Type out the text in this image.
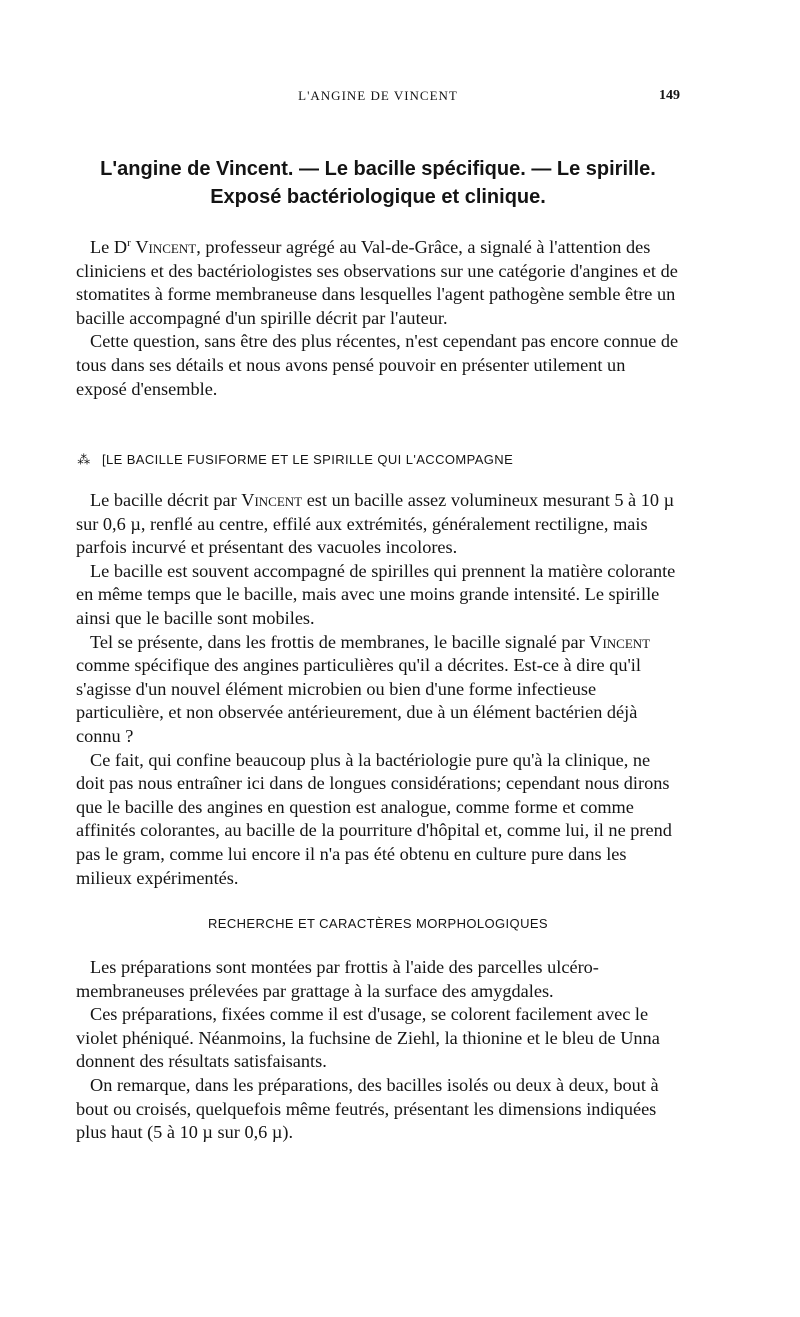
L'ANGINE DE VINCENT	149
L'angine de Vincent. — Le bacille spécifique. — Le spirille.
Exposé bactériologique et clinique.

Le $D^r$ Vincent, professeur agrégé au Val-de-Grâce, a signalé à l'attention des cliniciens et des bactériologistes ses observations sur une catégorie d'angines et de stomatites à forme membraneuse dans lesquelles l'agent pathogène semble être un bacille accompagné d'un spirille décrit par l'auteur.

Cette question, sans être des plus récentes, n'est cependant pas encore connue de tous dans ses détails et nous avons pensé pouvoir en présenter utilement un exposé d'ensemble.

⁂ [LE BACILLE FUSIFORME ET LE SPIRILLE QUI L'ACCOMPAGNE

Le bacille décrit par Vincent est un bacille assez volumineux mesurant 5 à 10 µ sur 0,6 µ, renflé au centre, effilé aux extrémités, généralement rectiligne, mais parfois incurvé et présentant des vacuoles incolores.

Le bacille est souvent accompagné de spirilles qui prennent la matière colorante en même temps que le bacille, mais avec une moins grande intensité. Le spirille ainsi que le bacille sont mobiles.

Tel se présente, dans les frottis de membranes, le bacille signalé par Vincent comme spécifique des angines particulières qu'il a décrites. Est-ce à dire qu'il s'agisse d'un nouvel élément microbien ou bien d'une forme infectieuse particulière, et non observée antérieurement, due à un élément bactérien déjà connu ?

Ce fait, qui confine beaucoup plus à la bactériologie pure qu'à la clinique, ne doit pas nous entraîner ici dans de longues considérations; cependant nous dirons que le bacille des angines en question est analogue, comme forme et comme affinités colorantes, au bacille de la pourriture d'hôpital et, comme lui, il ne prend pas le gram, comme lui encore il n'a pas été obtenu en culture pure dans les milieux expérimentés.

RECHERCHE ET CARACTÈRES MORPHOLOGIQUES

Les préparations sont montées par frottis à l'aide des parcelles ulcéro-membraneuses prélevées par grattage à la surface des amygdales.

Ces préparations, fixées comme il est d'usage, se colorent facilement avec le violet phéniqué. Néanmoins, la fuchsine de Ziehl, la thionine et le bleu de Unna donnent des résultats satisfaisants.

On remarque, dans les préparations, des bacilles isolés ou deux à deux, bout à bout ou croisés, quelquefois même feutrés, présentant les dimensions indiquées plus haut (5 à 10 µ sur 0,6 µ).
